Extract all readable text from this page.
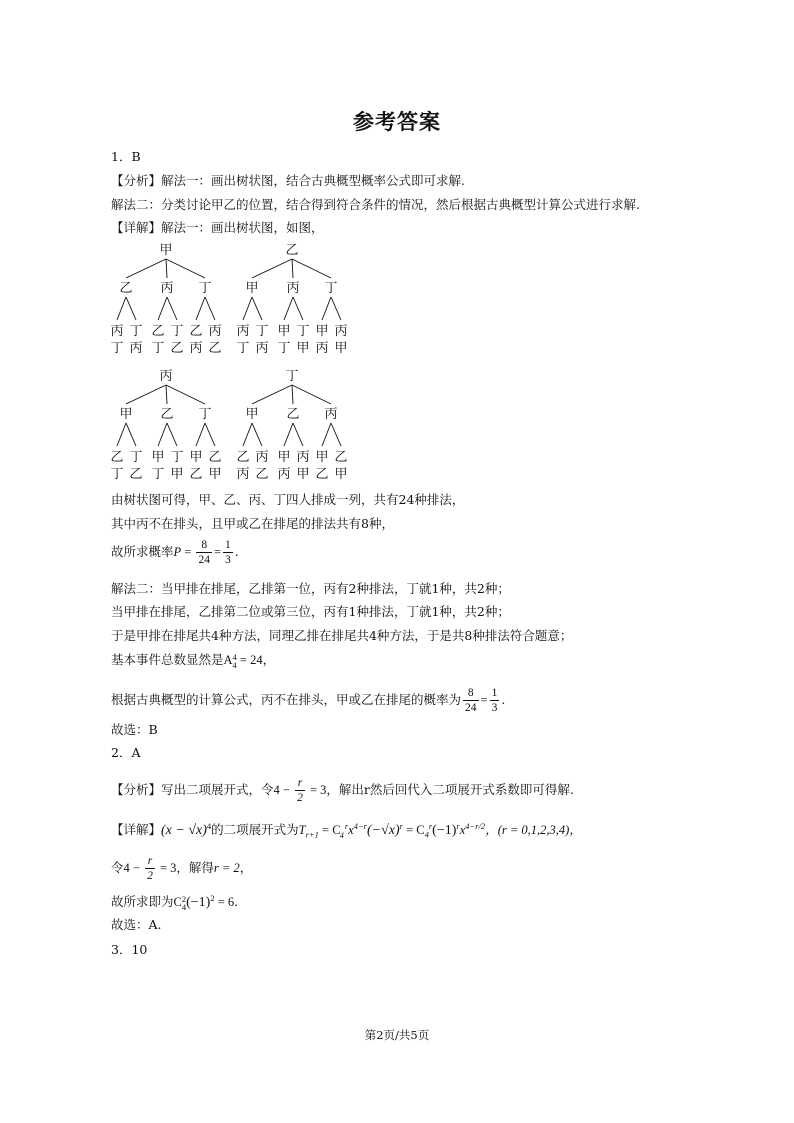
参考答案
1．B
【分析】解法一：画出树状图，结合古典概型概率公式即可求解.
解法二：分类讨论甲乙的位置，结合得到符合条件的情况，然后根据古典概型计算公式进行求解.
【详解】解法一：画出树状图，如图，
甲
乙
丙
丁
丁
丙
丙
乙
丁
丁
乙
丁
乙
丙
丙
乙
乙
甲
丙
丁
丁
丙
丙
甲
丁
丁
甲
丁
甲
丙
丙
甲
丙
甲
乙
丁
丁
乙
乙
甲
丁
丁
甲
丁
甲
乙
乙
甲
丁
甲
乙
丙
丙
乙
乙
甲
丙
丙
甲
丙
甲
乙
乙
甲
由树状图可得，甲、乙、丙、丁四人排成一列，共有24种排法，
其中丙不在排头，且甲或乙在排尾的排法共有8种，
故所求概率$P = \frac{8}{24} = \frac{1}{3}$ .
解法二：当甲排在排尾，乙排第一位，丙有2种排法，丁就1种，共2种；
当甲排在排尾，乙排第二位或第三位，丙有1种排法，丁就1种，共2种；
于是甲排在排尾共4种方法，同理乙排在排尾共4种方法，于是共8种排法符合题意；
基本事件总数显然是A 4
4 = 24，
根据古典概型的计算公式，丙不在排头，甲或乙在排尾的概率为 $\frac{8}{24} = \frac{1}{3}$ .
故选：B
2．A
【分析】写出二项展开式，令$4 - \frac{r}{2} = 3$，解出r然后回代入二项展开式系数即可得解.
【详解】$(x - √x)^4$的二项展开式为$T_{r+1} = C_4^rx^{4-r}(-√x)^r = C_4^r(-1)^rx^{4-r/2}$，(r = 0,1,2,3,4)，
令$4 - \frac{r}{2} = 3$，解得r = 2，
故所求即为C 2
4 $(-1)^2 = 6$.
故选：A.
3．10
第2页/共5页
